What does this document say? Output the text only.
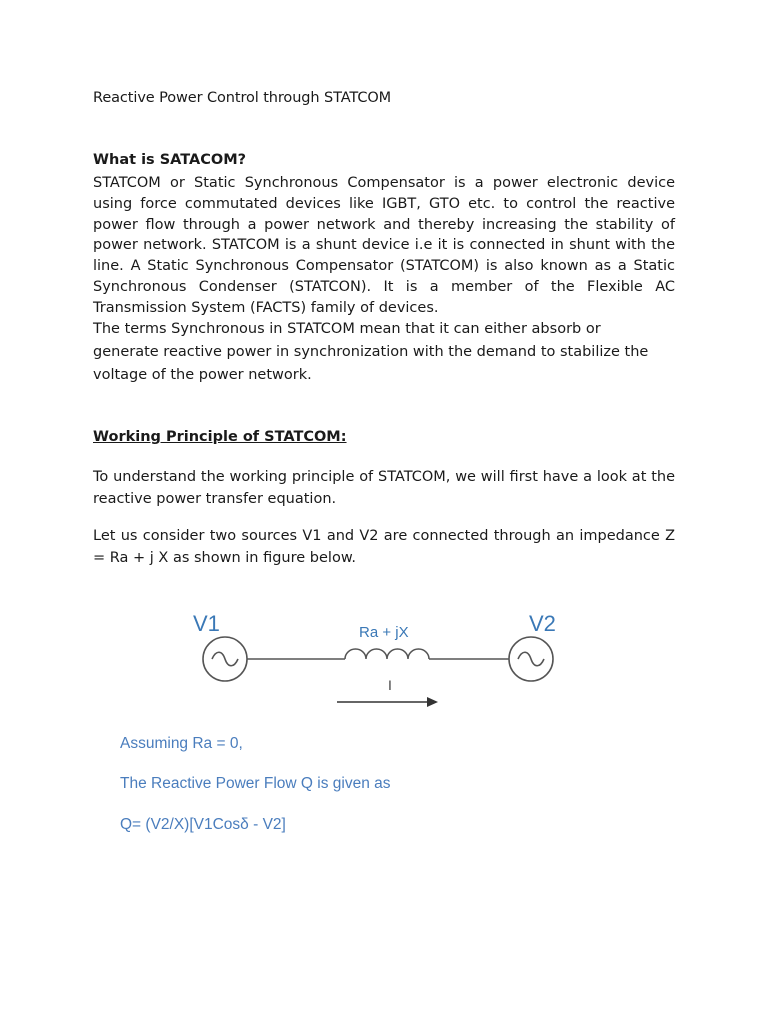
Reactive Power Control through STATCOM
What is SATACOM?
STATCOM or Static Synchronous Compensator is a power electronic device using force commutated devices like IGBT, GTO etc. to control the reactive power flow through a power network and thereby increasing the stability of power network. STATCOM is a shunt device i.e it is connected in shunt with the line. A Static Synchronous Compensator (STATCOM) is also known as a Static Synchronous Condenser (STATCON). It is a member of the Flexible AC Transmission System (FACTS) family of devices.
The terms Synchronous in STATCOM mean that it can either absorb or generate reactive power in synchronization with the demand to stabilize the voltage of the power network.
Working Principle of STATCOM:
To understand the working principle of STATCOM, we will first have a look at the reactive power transfer equation.
Let us consider two sources V1 and V2 are connected through an impedance Z = Ra + j X as shown in figure below.
V1	V2
Ra + jX
I
Assuming Ra = 0,
The Reactive Power Flow Q is given as
Q= (V2/X)[V1Cosδ - V2]
